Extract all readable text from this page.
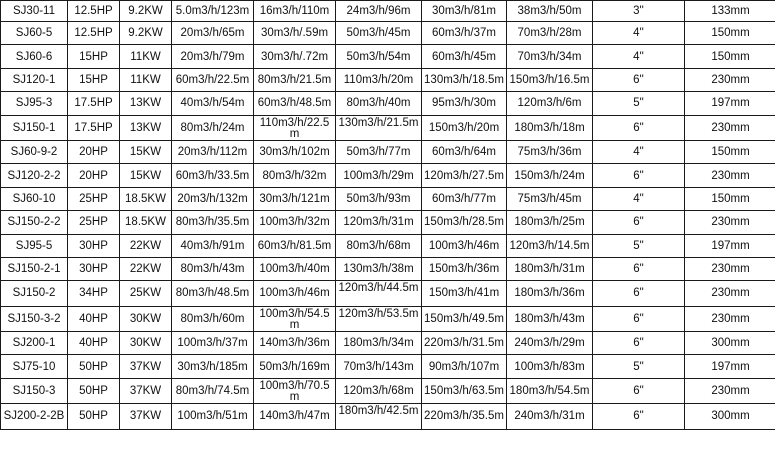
SJ30-11	12.5HP	9.2KW	5.0m3/h/123m	16m3/h/110m	24m3/h/96m	30m3/h/81m	38m3/h/50m	3''	133mm
SJ60-5	12.5HP	9.2KW	20m3/h/65m	30m3/h/.59m	50m3/h/45m	60m3/h/37m	70m3/h/28m	4''	150mm
SJ60-6	15HP	11KW	20m3/h/79m	30m3/h/.72m	50m3/h/54m	60m3/h/45m	70m3/h/34m	4''	150mm
SJ120-1	15HP	11KW	60m3/h/22.5m	80m3/h/21.5m	110m3/h/20m	130m3/h/18.5m	150m3/h/16.5m	6''	230mm
SJ95-3	17.5HP	13KW	40m3/h/54m	60m3/h/48.5m	80m3/h/40m	95m3/h/30m	120m3/h/6m	5"	197mm
SJ150-1	17.5HP	13KW	80m3/h/24m	110m3/h/22.5m	130m3/h/21.5m	150m3/h/20m	180m3/h/18m	6"	230mm
SJ60-9-2	20HP	15KW	20m3/h/112m	30m3/h/102m	50m3/h/77m	60m3/h/64m	75m3/h/36m	4"	150mm
SJ120-2-2	20HP	15KW	60m3/h/33.5m	80m3/h/32m	100m3/h/29m	120m3/h/27.5m	150m3/h/24m	6"	230mm
SJ60-10	25HP	18.5KW	20m3/h/132m	30m3/h/121m	50m3/h/93m	60m3/h/77m	75m3/h/45m	4"	150mm
SJ150-2-2	25HP	18.5KW	80m3/h/35.5m	100m3/h/32m	120m3/h/31m	150m3/h/28.5m	180m3/h/25m	6"	230mm
SJ95-5	30HP	22KW	40m3/h/91m	60m3/h/81.5m	80m3/h/68m	100m3/h/46m	120m3/h/14.5m	5"	197mm
SJ150-2-1	30HP	22KW	80m3/h/43m	100m3/h/40m	130m3/h/38m	150m3/h/36m	180m3/h/31m	6"	230mm
SJ150-2	34HP	25KW	80m3/h/48.5m	100m3/h/46m	120m3/h/44.5m	150m3/h/41m	180m3/h/36m	6"	230mm
SJ150-3-2	40HP	30KW	80m3/h/60m	100m3/h/54.5m	120m3/h/53.5m	150m3/h/49.5m	180m3/h/43m	6"	230mm
SJ200-1	40HP	30KW	100m3/h/37m	140m3/h/36m	180m3/h/34m	220m3/h/31.5m	240m3/h/29m	6"	300mm
SJ75-10	50HP	37KW	30m3/h/185m	50m3/h/169m	70m3/h/143m	90m3/h/107m	100m3/h/83m	5"	197mm
SJ150-3	50HP	37KW	80m3/h/74.5m	100m3/h/70.5m	120m3/h/68m	150m3/h/63.5m	180m3/h/54.5m	6"	230mm
SJ200-2-2B	50HP	37KW	100m3/h/51m	140m3/h/47m	180m3/h/42.5m	220m3/h/35.5m	240m3/h/31m	6"	300mm
